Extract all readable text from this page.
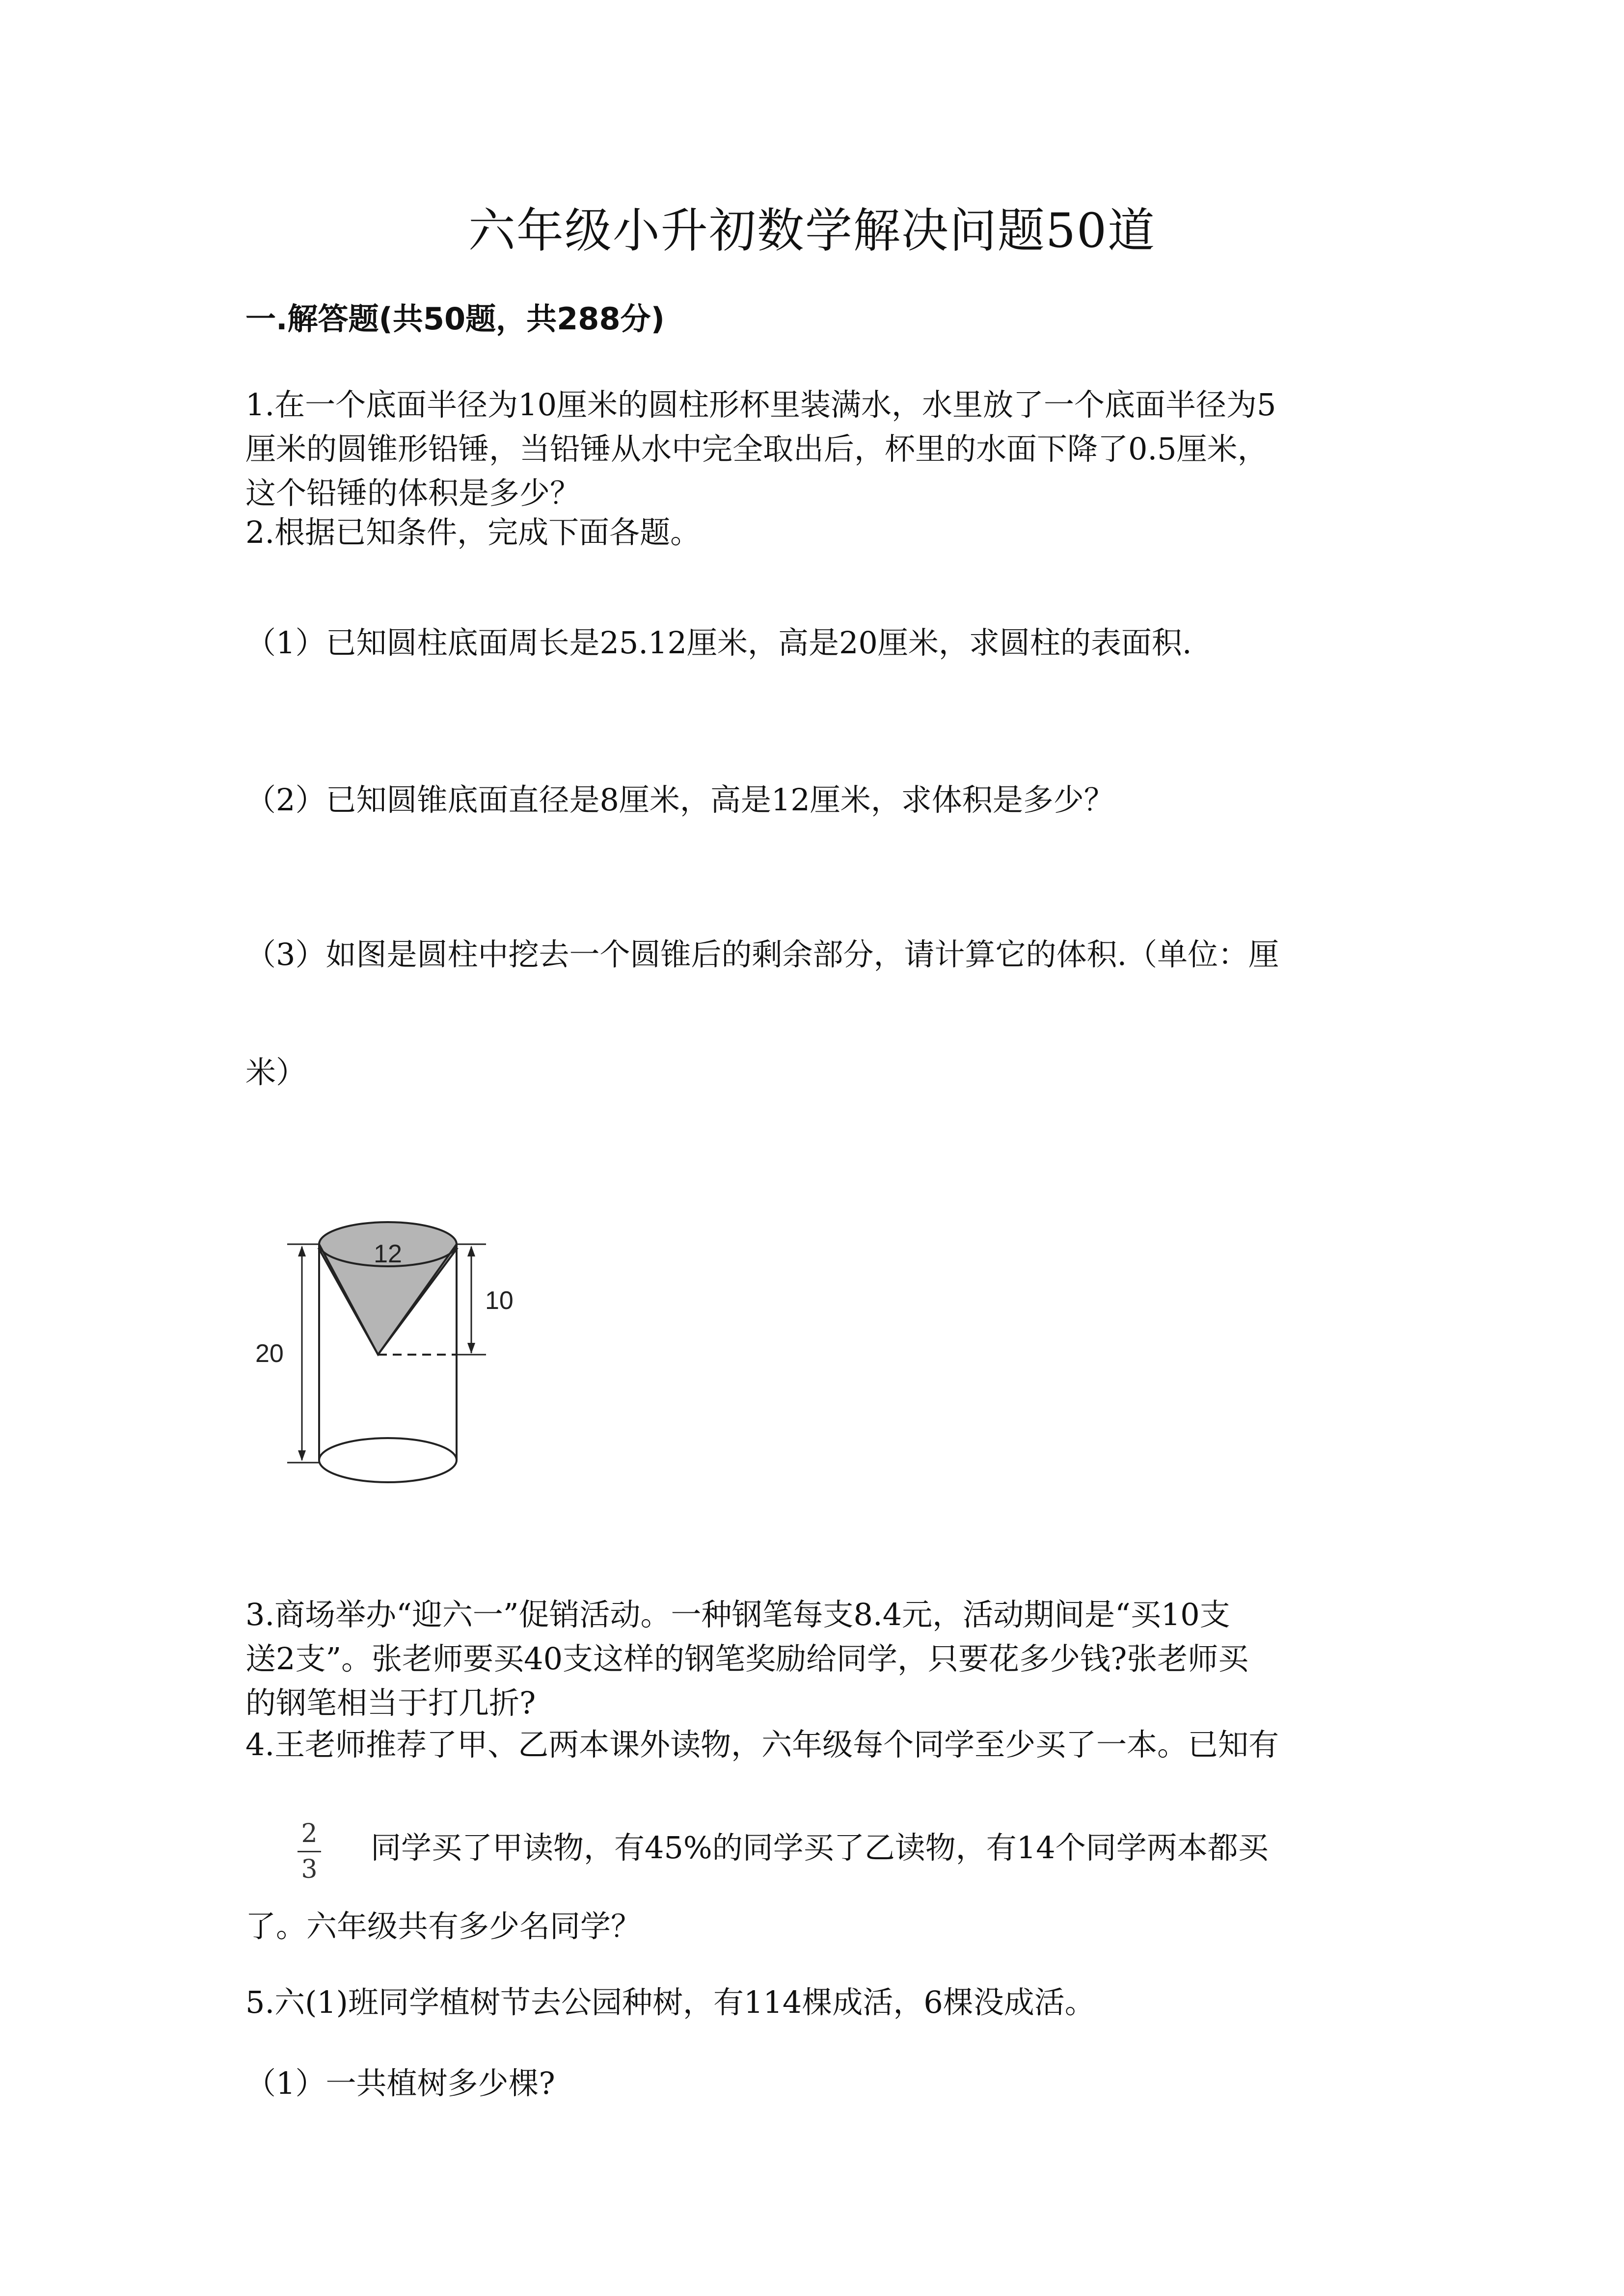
六年级小升初数学解决问题50道
一.解答题(共50题，共288分)
1.在一个底面半径为10厘米的圆柱形杯里装满水，水里放了一个底面半径为5
厘米的圆锥形铅锤，当铅锤从水中完全取出后，杯里的水面下降了0.5厘米，
这个铅锤的体积是多少？
2.根据已知条件，完成下面各题。
（1）已知圆柱底面周长是25.12厘米，高是20厘米，求圆柱的表面积.
（2）已知圆锥底面直径是8厘米，高是12厘米，求体积是多少？
（3）如图是圆柱中挖去一个圆锥后的剩余部分，请计算它的体积.（单位：厘
米）
12
10
20
3.商场举办“迎六一”促销活动。一种钢笔每支8.4元，活动期间是“买10支
送2支”。张老师要买40支这样的钢笔奖励给同学，只要花多少钱?张老师买
的钢笔相当于打几折?
4.王老师推荐了甲、乙两本课外读物，六年级每个同学至少买了一本。已知有
2
3
同学买了甲读物，有45%的同学买了乙读物，有14个同学两本都买
了。六年级共有多少名同学？
5.六(1)班同学植树节去公园种树，有114棵成活，6棵没成活。
（1）一共植树多少棵?
